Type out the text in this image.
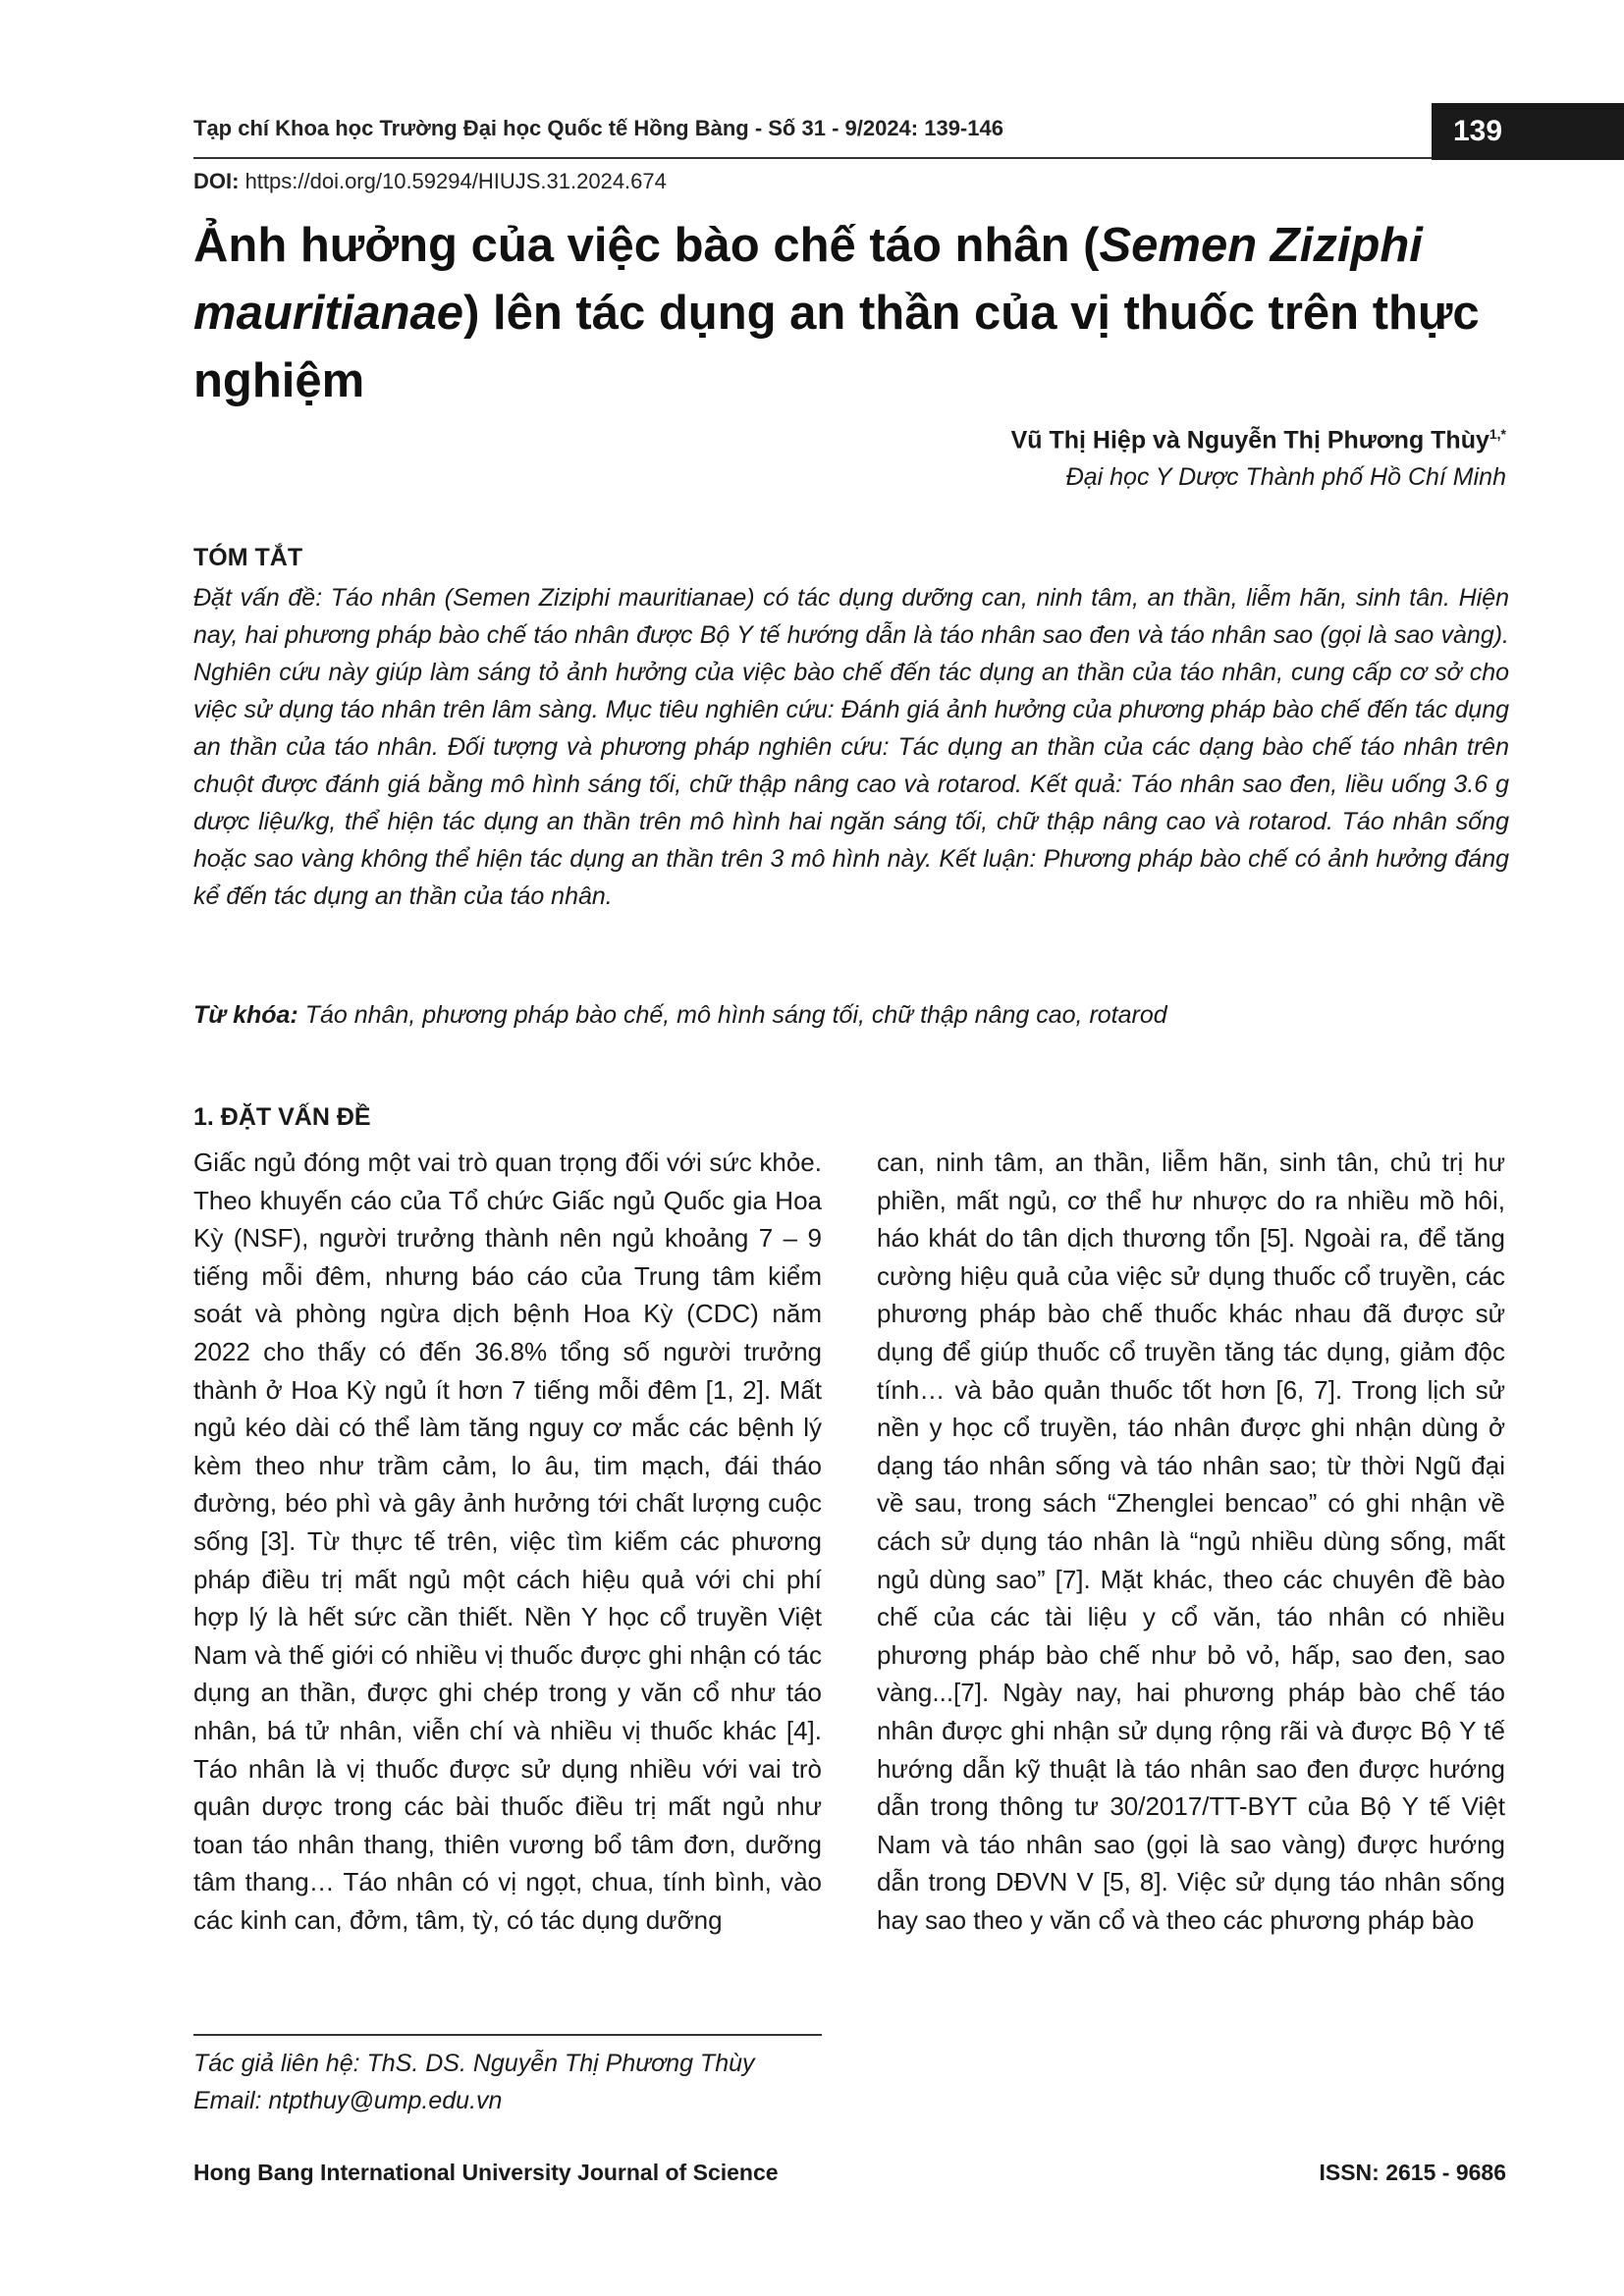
Tạp chí Khoa học Trường Đại học Quốc tế Hồng Bàng - Số 31 - 9/2024: 139-146	139
DOI: https://doi.org/10.59294/HIUJS.31.2024.674
Ảnh hưởng của việc bào chế táo nhân (Semen Ziziphi mauritianae) lên tác dụng an thần của vị thuốc trên thực nghiệm
Vũ Thị Hiệp và Nguyễn Thị Phương Thùy$^{1,*}$
Đại học Y Dược Thành phố Hồ Chí Minh
TÓM TẮT
Đặt vấn đề: Táo nhân (Semen Ziziphi mauritianae) có tác dụng dưỡng can, ninh tâm, an thần, liễm hãn, sinh tân. Hiện nay, hai phương pháp bào chế táo nhân được Bộ Y tế hướng dẫn là táo nhân sao đen và táo nhân sao (gọi là sao vàng). Nghiên cứu này giúp làm sáng tỏ ảnh hưởng của việc bào chế đến tác dụng an thần của táo nhân, cung cấp cơ sở cho việc sử dụng táo nhân trên lâm sàng. Mục tiêu nghiên cứu: Đánh giá ảnh hưởng của phương pháp bào chế đến tác dụng an thần của táo nhân. Đối tượng và phương pháp nghiên cứu: Tác dụng an thần của các dạng bào chế táo nhân trên chuột được đánh giá bằng mô hình sáng tối, chữ thập nâng cao và rotarod. Kết quả: Táo nhân sao đen, liều uống 3.6 g dược liệu/kg, thể hiện tác dụng an thần trên mô hình hai ngăn sáng tối, chữ thập nâng cao và rotarod. Táo nhân sống hoặc sao vàng không thể hiện tác dụng an thần trên 3 mô hình này. Kết luận: Phương pháp bào chế có ảnh hưởng đáng kể đến tác dụng an thần của táo nhân.
Từ khóa: Táo nhân, phương pháp bào chế, mô hình sáng tối, chữ thập nâng cao, rotarod
1. ĐẶT VẤN ĐỀ
Giấc ngủ đóng một vai trò quan trọng đối với sức khỏe. Theo khuyến cáo của Tổ chức Giấc ngủ Quốc gia Hoa Kỳ (NSF), người trưởng thành nên ngủ khoảng 7 – 9 tiếng mỗi đêm, nhưng báo cáo của Trung tâm kiểm soát và phòng ngừa dịch bệnh Hoa Kỳ (CDC) năm 2022 cho thấy có đến 36.8% tổng số người trưởng thành ở Hoa Kỳ ngủ ít hơn 7 tiếng mỗi đêm [1, 2]. Mất ngủ kéo dài có thể làm tăng nguy cơ mắc các bệnh lý kèm theo như trầm cảm, lo âu, tim mạch, đái tháo đường, béo phì và gây ảnh hưởng tới chất lượng cuộc sống [3]. Từ thực tế trên, việc tìm kiếm các phương pháp điều trị mất ngủ một cách hiệu quả với chi phí hợp lý là hết sức cần thiết. Nền Y học cổ truyền Việt Nam và thế giới có nhiều vị thuốc được ghi nhận có tác dụng an thần, được ghi chép trong y văn cổ như táo nhân, bá tử nhân, viễn chí và nhiều vị thuốc khác [4]. Táo nhân là vị thuốc được sử dụng nhiều với vai trò quân dược trong các bài thuốc điều trị mất ngủ như toan táo nhân thang, thiên vương bổ tâm đơn, dưỡng tâm thang… Táo nhân có vị ngọt, chua, tính bình, vào các kinh can, đởm, tâm, tỳ, có tác dụng dưỡng
can, ninh tâm, an thần, liễm hãn, sinh tân, chủ trị hư phiền, mất ngủ, cơ thể hư nhược do ra nhiều mồ hôi, háo khát do tân dịch thương tổn [5]. Ngoài ra, để tăng cường hiệu quả của việc sử dụng thuốc cổ truyền, các phương pháp bào chế thuốc khác nhau đã được sử dụng để giúp thuốc cổ truyền tăng tác dụng, giảm độc tính… và bảo quản thuốc tốt hơn [6, 7]. Trong lịch sử nền y học cổ truyền, táo nhân được ghi nhận dùng ở dạng táo nhân sống và táo nhân sao; từ thời Ngũ đại về sau, trong sách “Zhenglei bencao” có ghi nhận về cách sử dụng táo nhân là “ngủ nhiều dùng sống, mất ngủ dùng sao” [7]. Mặt khác, theo các chuyên đề bào chế của các tài liệu y cổ văn, táo nhân có nhiều phương pháp bào chế như bỏ vỏ, hấp, sao đen, sao vàng...[7]. Ngày nay, hai phương pháp bào chế táo nhân được ghi nhận sử dụng rộng rãi và được Bộ Y tế hướng dẫn kỹ thuật là táo nhân sao đen được hướng dẫn trong thông tư 30/2017/TT-BYT của Bộ Y tế Việt Nam và táo nhân sao (gọi là sao vàng) được hướng dẫn trong DĐVN V [5, 8]. Việc sử dụng táo nhân sống hay sao theo y văn cổ và theo các phương pháp bào
Tác giả liên hệ: ThS. DS. Nguyễn Thị Phương Thùy
Email: ntpthuy@ump.edu.vn
Hong Bang International University Journal of Science	ISSN: 2615 - 9686
